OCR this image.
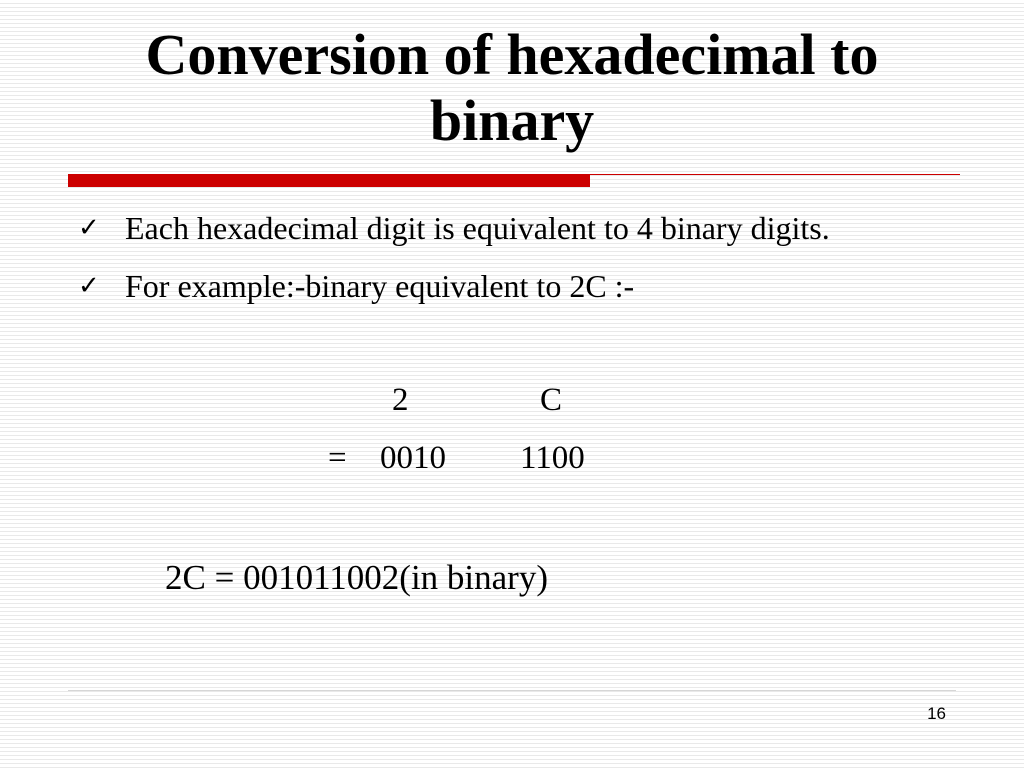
Conversion of hexadecimal to binary
✓ Each hexadecimal digit is equivalent to 4 binary digits.
✓ For example:-binary equivalent to 2C :-
2	C
= 0010 1100
2C = 001011002(in binary)
16
